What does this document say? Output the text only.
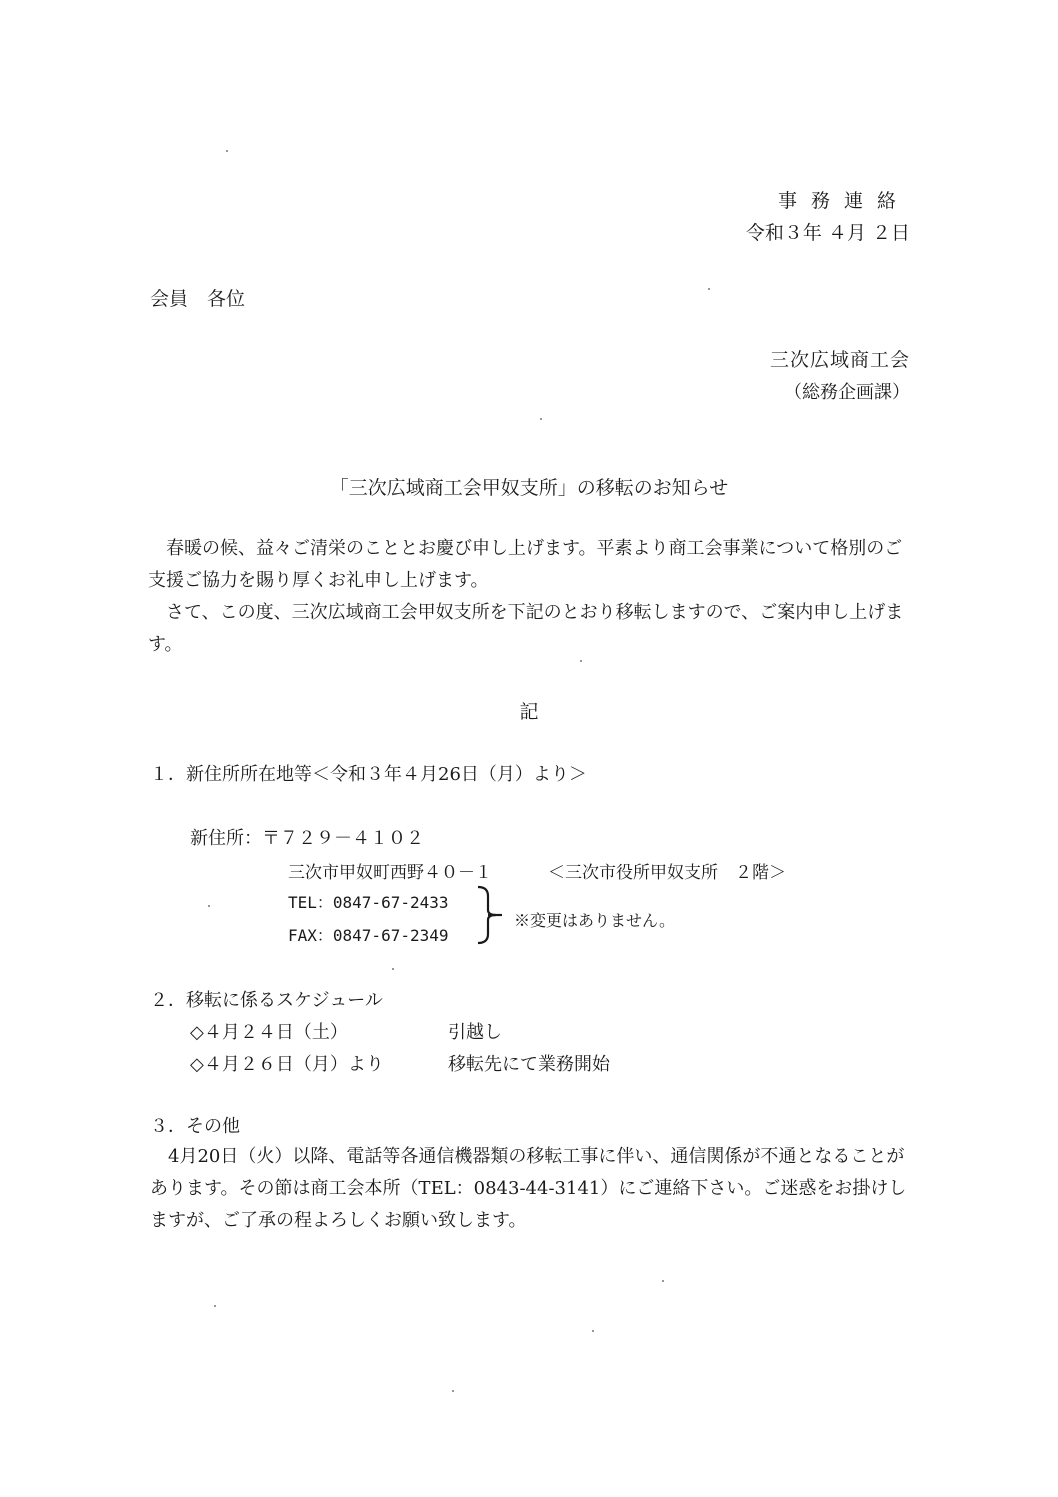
事務連絡
令和３年 ４月 ２日
会員　各位
三次広域商工会
（総務企画課）
「三次広域商工会甲奴支所」の移転のお知らせ
春暖の候、益々ご清栄のこととお慶び申し上げます。平素より商工会事業について格別のご支援ご協力を賜り厚くお礼申し上げます。
さて、この度、三次広域商工会甲奴支所を下記のとおり移転しますので、ご案内申し上げます。
記
１．新住所所在地等＜令和３年４月26日（月）より＞
新住所：〒７２９－４１０２
三次市甲奴町西野４０－１	＜三次市役所甲奴支所　２階＞
TEL：0847-67-2433
FAX：0847-67-2349
※変更はありません。
２．移転に係るスケジュール
◇４月２４日（土）	引越し
◇４月２６日（月）より	移転先にて業務開始
３．その他
4月20日（火）以降、電話等各通信機器類の移転工事に伴い、通信関係が不通となることがあります。その節は商工会本所（TEL：0843-44-3141）にご連絡下さい。ご迷惑をお掛けしますが、ご了承の程よろしくお願い致します。
